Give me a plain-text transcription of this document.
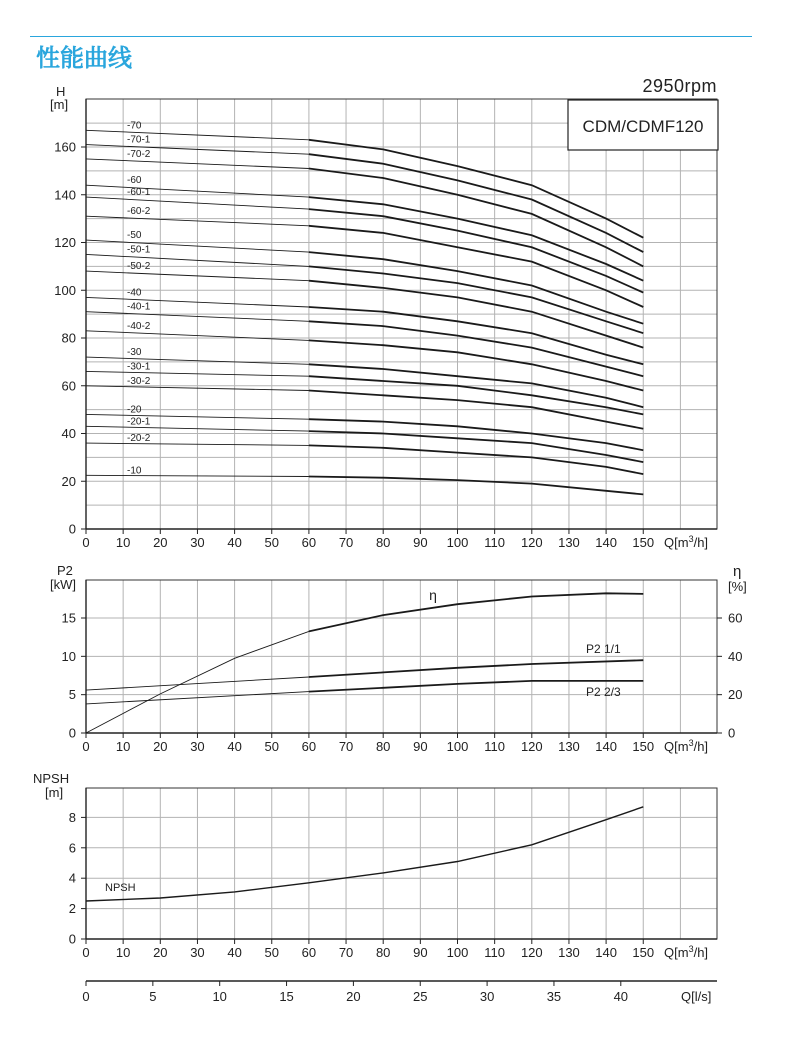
性能曲线
0 10 20 30 40 50 60 70 80 90 100 110 120 130 140 150
0
20
40
60
80
100
120
140
160
$Q[m^3/h]$
H
[m]
-70
-70-1
-70-2
-60
-60-1
-60-2
-50
-50-1
-50-2
-40
-40-1
-40-2
-30
-30-1
-30-2
-20
-20-1
-20-2
-10
0 10 20 30 40 50 60 70 80 90 100 110 120 130 140 150
0
5
10
15
$Q[m^3/h]$
0
20
40
60
P2
[kW]
η
[%]
η
P2 1/1
P2 2/3
0 10 20 30 40 50 60 70 80 90 100 110 120 130 140 150
0
2
4
6
8
$Q[m^3/h]$
NPSH
[m]
NPSH
0	5	10	15	20	25	30	35	40	Q[l/s]
2950rpm
CDM/CDMF120
